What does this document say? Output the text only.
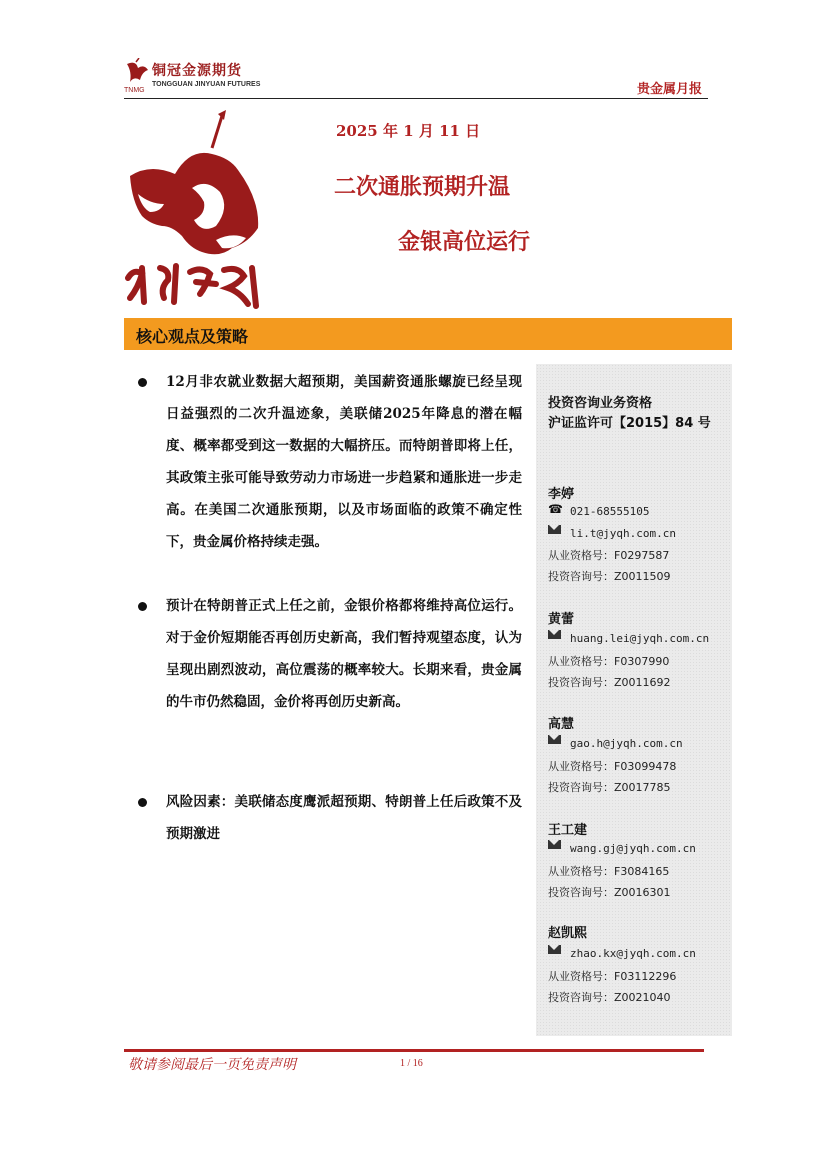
铜冠金源期货
TONGGUAN JINYUAN FUTURES
TNMG	贵金属月报
2025 年 1 月 11 日
二次通胀预期升温
金银高位运行
核心观点及策略
12月非农就业数据大超预期，美国薪资通胀螺旋已经呈现日益强烈的二次升温迹象，美联储2025年降息的潜在幅度、概率都受到这一数据的大幅挤压。而特朗普即将上任，其政策主张可能导致劳动力市场进一步趋紧和通胀进一步走高。在美国二次通胀预期，以及市场面临的政策不确定性下，贵金属价格持续走强。
预计在特朗普正式上任之前，金银价格都将维持高位运行。对于金价短期能否再创历史新高，我们暂持观望态度，认为呈现出剧烈波动，高位震荡的概率较大。长期来看，贵金属的牛市仍然稳固，金价将再创历史新高。
风险因素：美联储态度鹰派超预期、特朗普上任后政策不及预期激进
投资咨询业务资格
沪证监许可【2015】84 号
李婷
☎ 021-68555105
li.t@jyqh.com.cn
从业资格号：F0297587
投资咨询号：Z0011509
黄蕾
huang.lei@jyqh.com.cn
从业资格号：F0307990
投资咨询号：Z0011692
高慧
gao.h@jyqh.com.cn
从业资格号：F03099478
投资咨询号：Z0017785
王工建
wang.gj@jyqh.com.cn
从业资格号：F3084165
投资咨询号：Z0016301
赵凯熙
zhao.kx@jyqh.com.cn
从业资格号：F03112296
投资咨询号：Z0021040
敬请参阅最后一页免责声明	1 / 16
